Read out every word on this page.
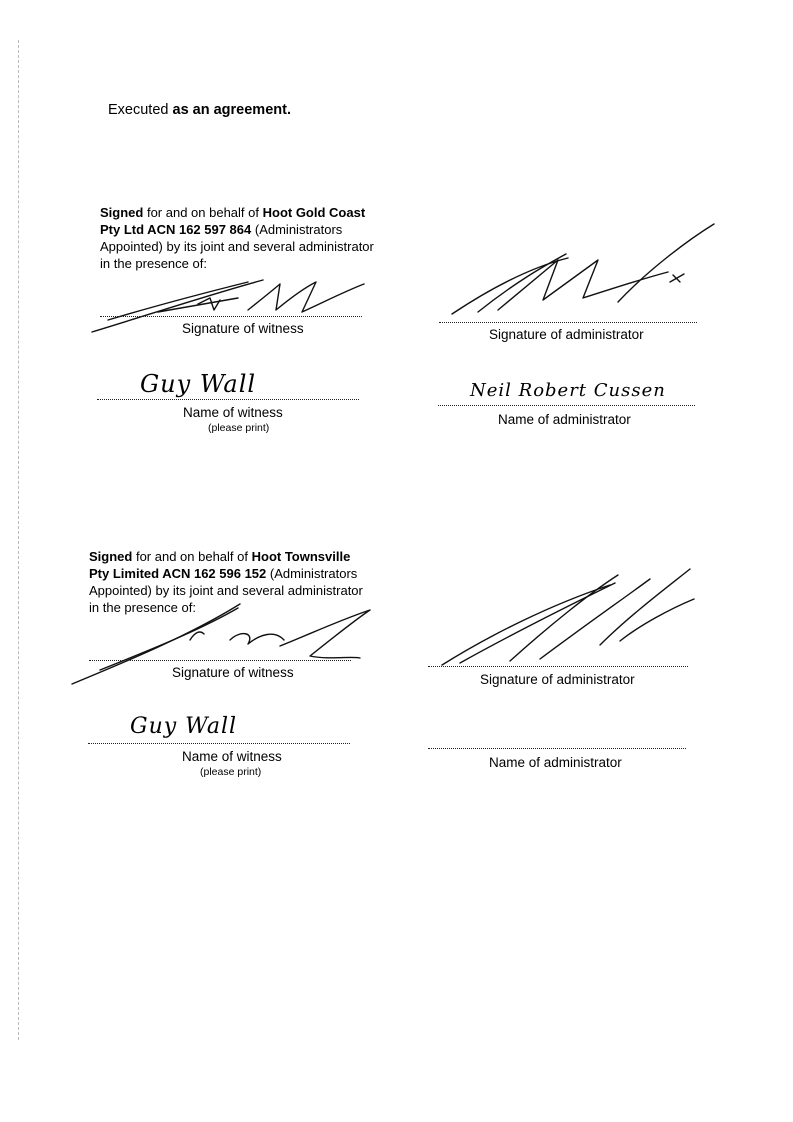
Executed as an agreement.
Signed for and on behalf of Hoot Gold Coast
Pty Ltd ACN 162 597 864 (Administrators
Appointed) by its joint and several administrator
in the presence of:
Signature of witness	Signature of administrator
Guy Wall
Name of witness
(please print)
Neil Robert Cussen
Name of administrator
Signed for and on behalf of Hoot Townsville
Pty Limited ACN 162 596 152 (Administrators
Appointed) by its joint and several administrator
in the presence of:
Signature of witness	Signature of administrator
Guy Wall
Name of witness
(please print)
Name of administrator
